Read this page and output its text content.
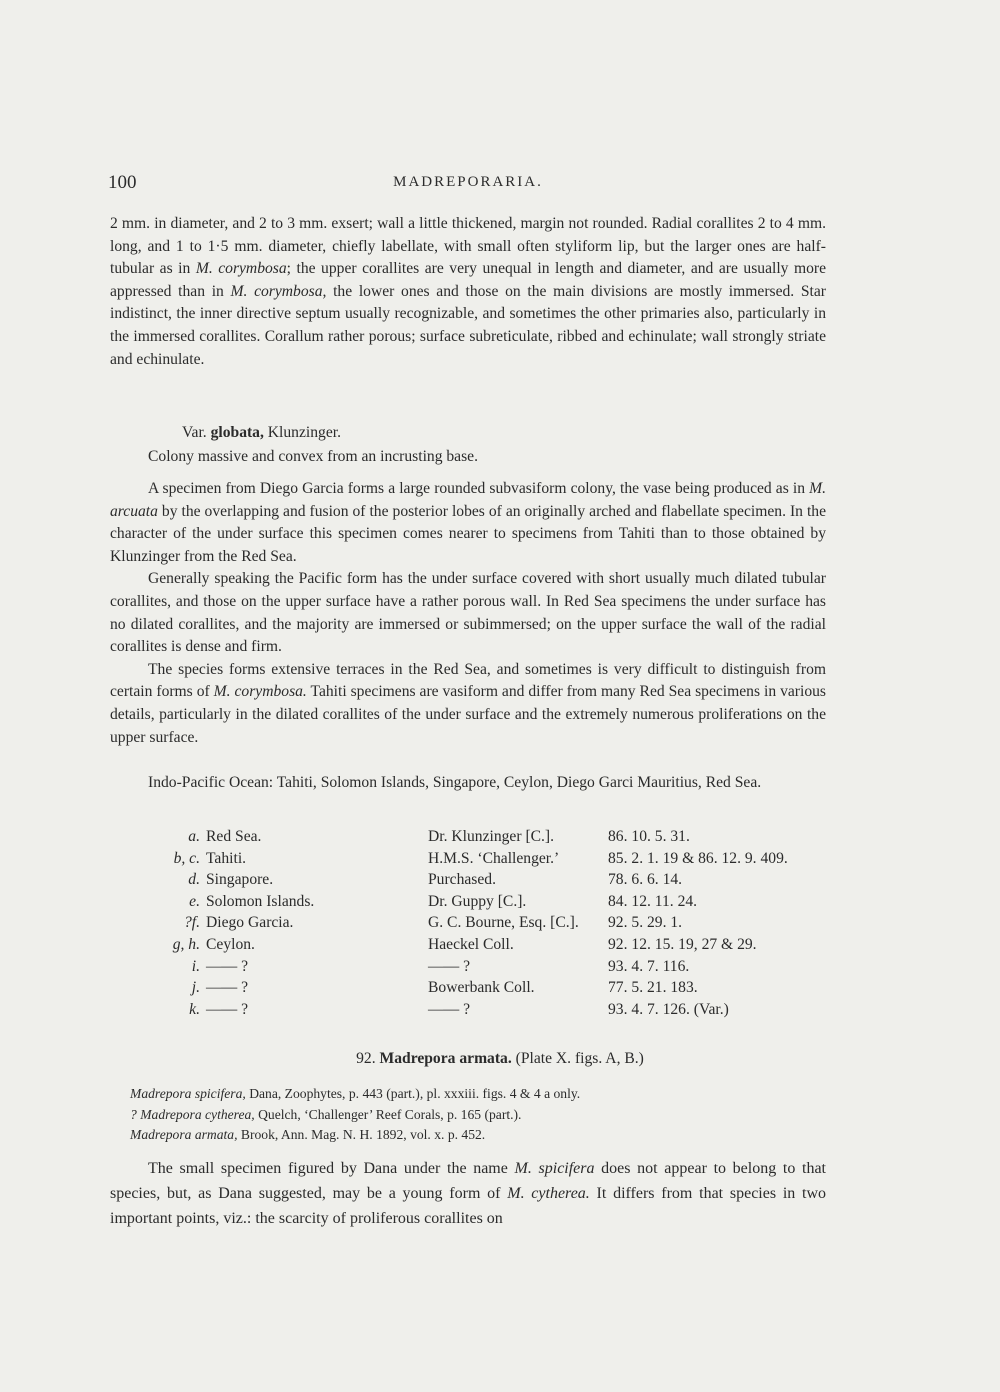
100	MADREPORARIA.

2 mm. in diameter, and 2 to 3 mm. exsert; wall a little thickened, margin not rounded. Radial corallites 2 to 4 mm. long, and 1 to 1·5 mm. diameter, chiefly labellate, with small often styliform lip, but the larger ones are half-tubular as in M. corymbosa; the upper corallites are very unequal in length and diameter, and are usually more appressed than in M. corymbosa, the lower ones and those on the main divisions are mostly immersed. Star indistinct, the inner directive septum usually recognizable, and sometimes the other primaries also, particularly in the immersed corallites. Corallum rather porous; surface subreticulate, ribbed and echinulate; wall strongly striate and echinulate.

Var. globata, Klunzinger.
Colony massive and convex from an incrusting base.

A specimen from Diego Garcia forms a large rounded subvasiform colony, the vase being produced as in M. arcuata by the overlapping and fusion of the posterior lobes of an originally arched and flabellate specimen. In the character of the under surface this specimen comes nearer to specimens from Tahiti than to those obtained by Klunzinger from the Red Sea.

Generally speaking the Pacific form has the under surface covered with short usually much dilated tubular corallites, and those on the upper surface have a rather porous wall. In Red Sea specimens the under surface has no dilated corallites, and the majority are immersed or subimmersed; on the upper surface the wall of the radial corallites is dense and firm.

The species forms extensive terraces in the Red Sea, and sometimes is very difficult to distinguish from certain forms of M. corymbosa. Tahiti specimens are vasiform and differ from many Red Sea specimens in various details, particularly in the dilated corallites of the under surface and the extremely numerous proliferations on the upper surface.

Indo-Pacific Ocean: Tahiti, Solomon Islands, Singapore, Ceylon, Diego Garci Mauritius, Red Sea.

a. Red Sea.	Dr. Klunzinger [C.].	86. 10. 5. 31.
b, c. Tahiti.	H.M.S. ‘Challenger.’	85. 2. 1. 19 & 86. 12. 9. 409.
d. Singapore.	Purchased.	78. 6. 6. 14.
e. Solomon Islands.	Dr. Guppy [C.].	84. 12. 11. 24.
?f. Diego Garcia.	G. C. Bourne, Esq. [C.]. 92. 5. 29. 1.
g, h. Ceylon.	Haeckel Coll.	92. 12. 15. 19, 27 & 29.
i. —— ?	—— ?	93. 4. 7. 116.
j. —— ?	Bowerbank Coll.	77. 5. 21. 183.
k. —— ?	—— ?	93. 4. 7. 126. (Var.)
92. Madrepora armata. (Plate X. figs. A, B.)

Madrepora spicifera, Dana, Zoophytes, p. 443 (part.), pl. xxxiii. figs. 4 & 4 a only.

? Madrepora cytherea, Quelch, ‘Challenger’ Reef Corals, p. 165 (part.).

Madrepora armata, Brook, Ann. Mag. N. H. 1892, vol. x. p. 452.

The small specimen figured by Dana under the name M. spicifera does not appear to belong to that species, but, as Dana suggested, may be a young form of M. cytherea. It differs from that species in two important points, viz.: the scarcity of proliferous corallites on
